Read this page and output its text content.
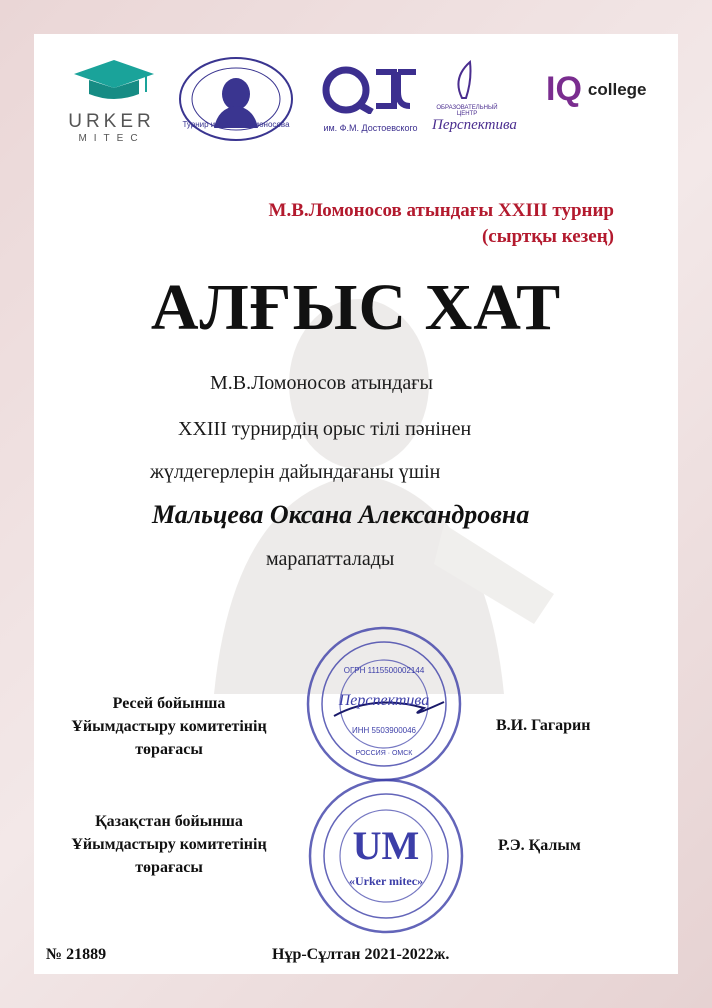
URKER
MITEC
Турнир им. М.В. Ломоносова	им. Ф.М. Достоевского
ОБРАЗОВАТЕЛЬНЫЙ ЦЕНТР
Перспектива
IQ college
М.В.Ломоносов атындағы XXIII турнир
(сыртқы кезең)
АЛҒЫС ХАТ
М.В.Ломоносов атындағы
XXIII турнирдің орыс тілі пәнінен
жүлдегерлерін дайындағаны үшін
Мальцева Оксана Александровна
марапатталады
Перспектива
ОГРН 1115500002144
ИНН 5503900046
РОССИЯ · ОМСК
Ресей бойынша
Ұйымдастыру комитетінің
төрағасы
В.И. Гагарин
UM
«Urker mitec»
Қазақстан бойынша
Ұйымдастыру комитетінің
төрағасы
Р.Э. Қалым
№ 21889	Нұр-Сұлтан 2021-2022ж.
